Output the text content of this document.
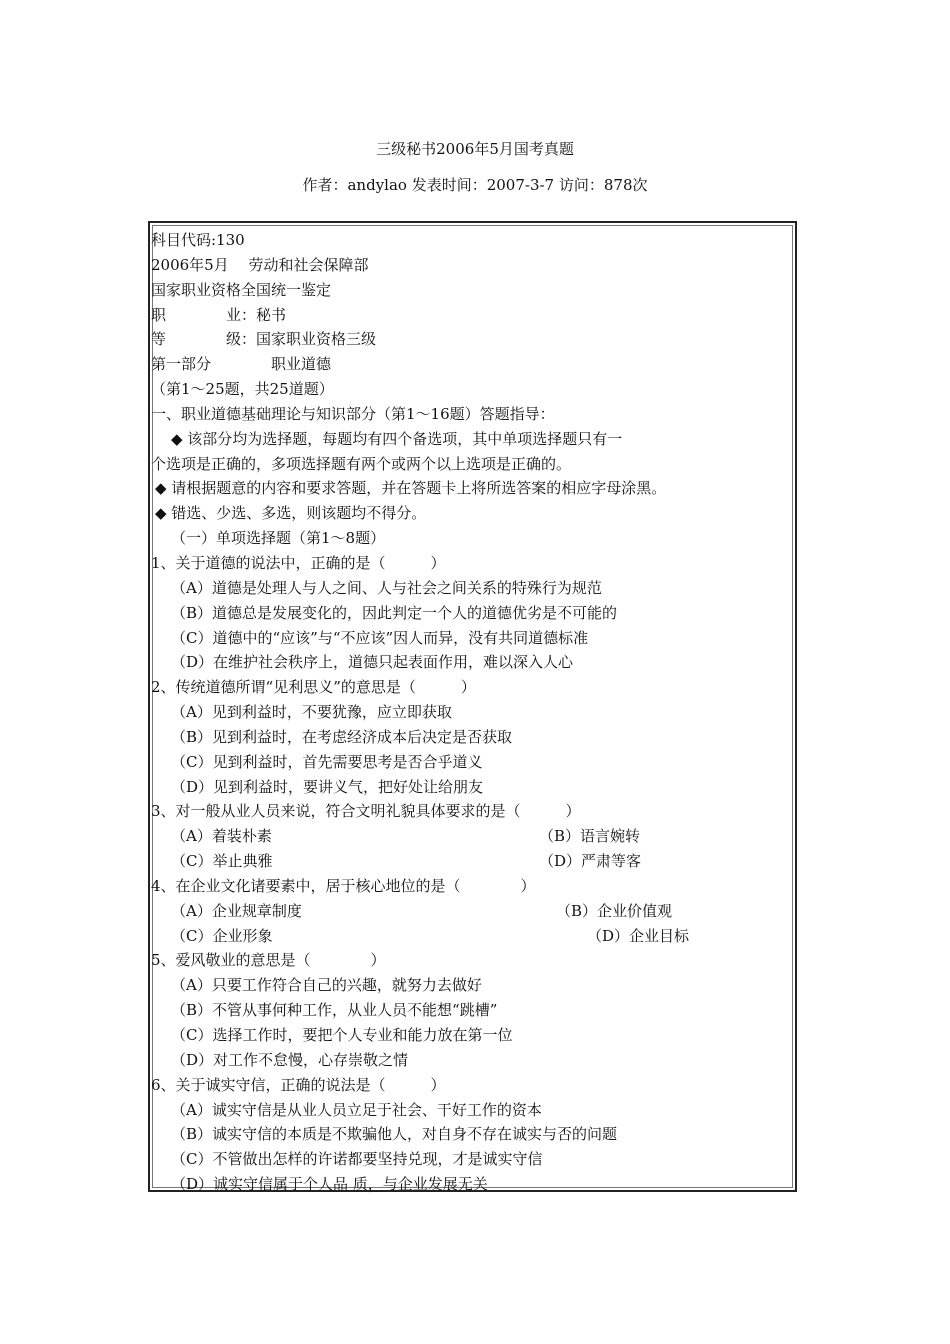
三级秘书2006年5月国考真题
作者：andylao 发表时间：2007-3-7 访问：878次
科目代码:130
2006年5月　 劳动和社会保障部
国家职业资格全国统一鉴定
职　　　　业：秘书
等　　　　级：国家职业资格三级
第一部分　　　　职业道德
（第1～25题，共25道题）
一、职业道德基础理论与知识部分（第1～16题）答题指导：
◆ 该部分均为选择题，每题均有四个备选项，其中单项选择题只有一
个选项是正确的，多项选择题有两个或两个以上选项是正确的。
◆ 请根据题意的内容和要求答题，并在答题卡上将所选答案的相应字母涂黑。
◆ 错选、少选、多选，则该题均不得分。
（一）单项选择题（第1～8题）
1、关于道德的说法中，正确的是（　　　）
（A）道德是处理人与人之间、人与社会之间关系的特殊行为规范
（B）道德总是发展变化的，因此判定一个人的道德优劣是不可能的
（C）道德中的“应该”与“不应该”因人而异，没有共同道德标准
（D）在维护社会秩序上，道德只起表面作用，难以深入人心
2、传统道德所谓“见利思义”的意思是（　　　）
（A）见到利益时，不要犹豫，应立即获取
（B）见到利益时，在考虑经济成本后决定是否获取
（C）见到利益时，首先需要思考是否合乎道义
（D）见到利益时，要讲义气，把好处让给朋友
3、对一般从业人员来说，符合文明礼貌具体要求的是（　　　）
（A）着装朴素	（B）语言婉转
（C）举止典雅	（D）严肃等客
4、在企业文化诸要素中，居于核心地位的是（　　　　）
（A）企业规章制度	（B）企业价值观
（C）企业形象	（D）企业目标
5、爱风敬业的意思是（　　　　）
（A）只要工作符合自己的兴趣，就努力去做好
（B）不管从事何种工作，从业人员不能想“跳槽”
（C）选择工作时，要把个人专业和能力放在第一位
（D）对工作不怠慢，心存崇敬之情
6、关于诚实守信，正确的说法是（　　　）
（A）诚实守信是从业人员立足于社会、干好工作的资本
（B）诚实守信的本质是不欺骗他人，对自身不存在诚实与否的问题
（C）不管做出怎样的许诺都要坚持兑现，才是诚实守信
（D）诚实守信属于个人品 质，与企业发展无关
